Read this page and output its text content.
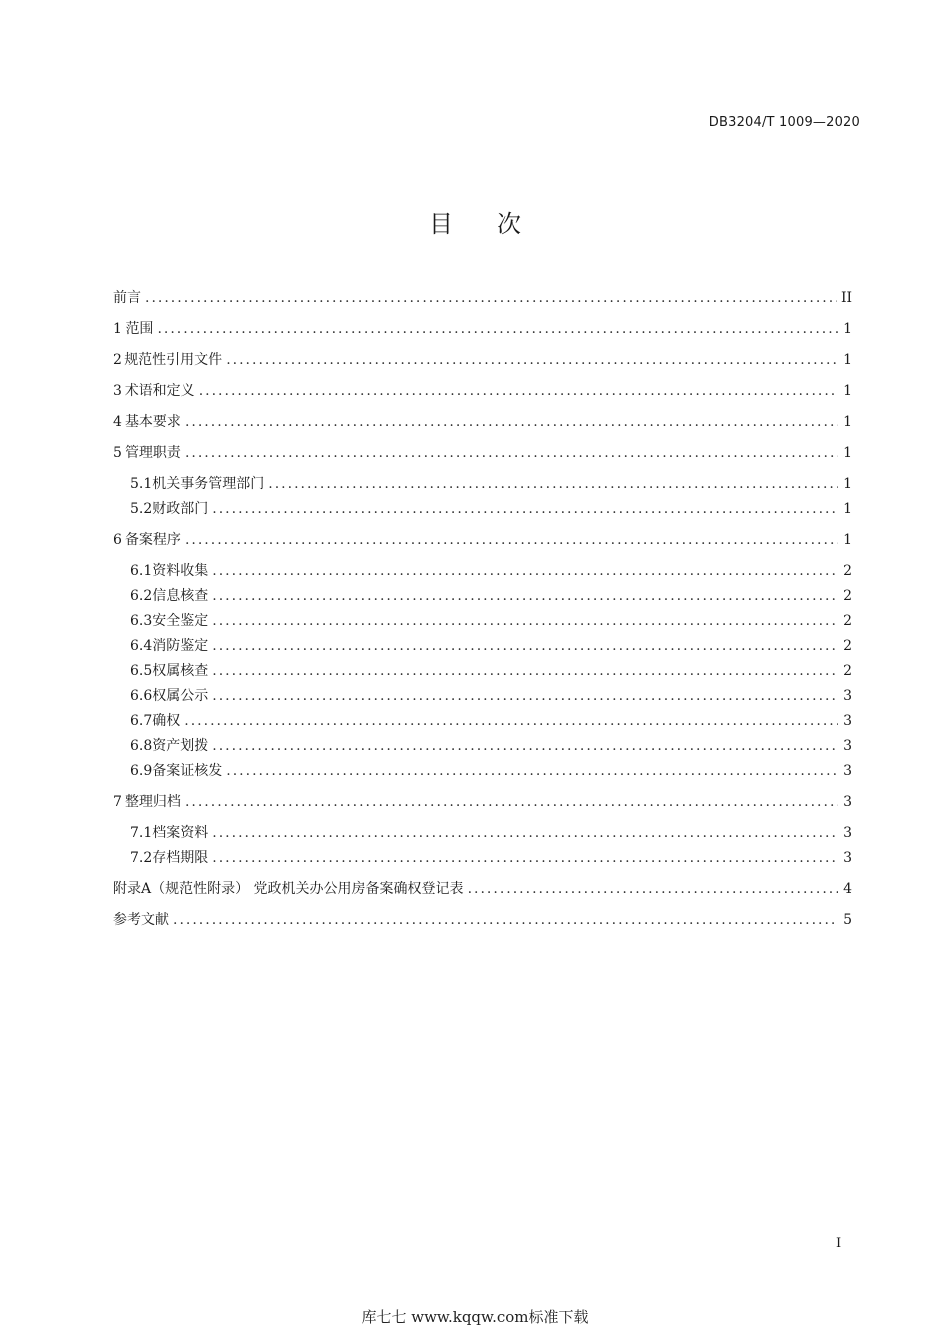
DB3204/T 1009—2020
目 次
前言 .....	II
1 范围 .....	1
2 规范性引用文件 .....	1
3 术语和定义 .....	1
4 基本要求 .....	1
5 管理职责 .....	1
5.1 机关事务管理部门 .....	1
5.2 财政部门 .....	1
6 备案程序 .....	1
6.1 资料收集 .....	2
6.2 信息核查 .....	2
6.3 安全鉴定 .....	2
6.4 消防鉴定 .....	2
6.5 权属核查 .....	2
6.6 权属公示 .....	3
6.7 确权 .....	3
6.8 资产划拨 .....	3
6.9 备案证核发 .....	3
7 整理归档 .....	3
7.1 档案资料 .....	3
7.2 存档期限 .....	3
附录A（规范性附录） 党政机关办公用房备案确权登记表 .....	4
参考文献 .....	5
I
库七七 www.kqqw.com标准下载
